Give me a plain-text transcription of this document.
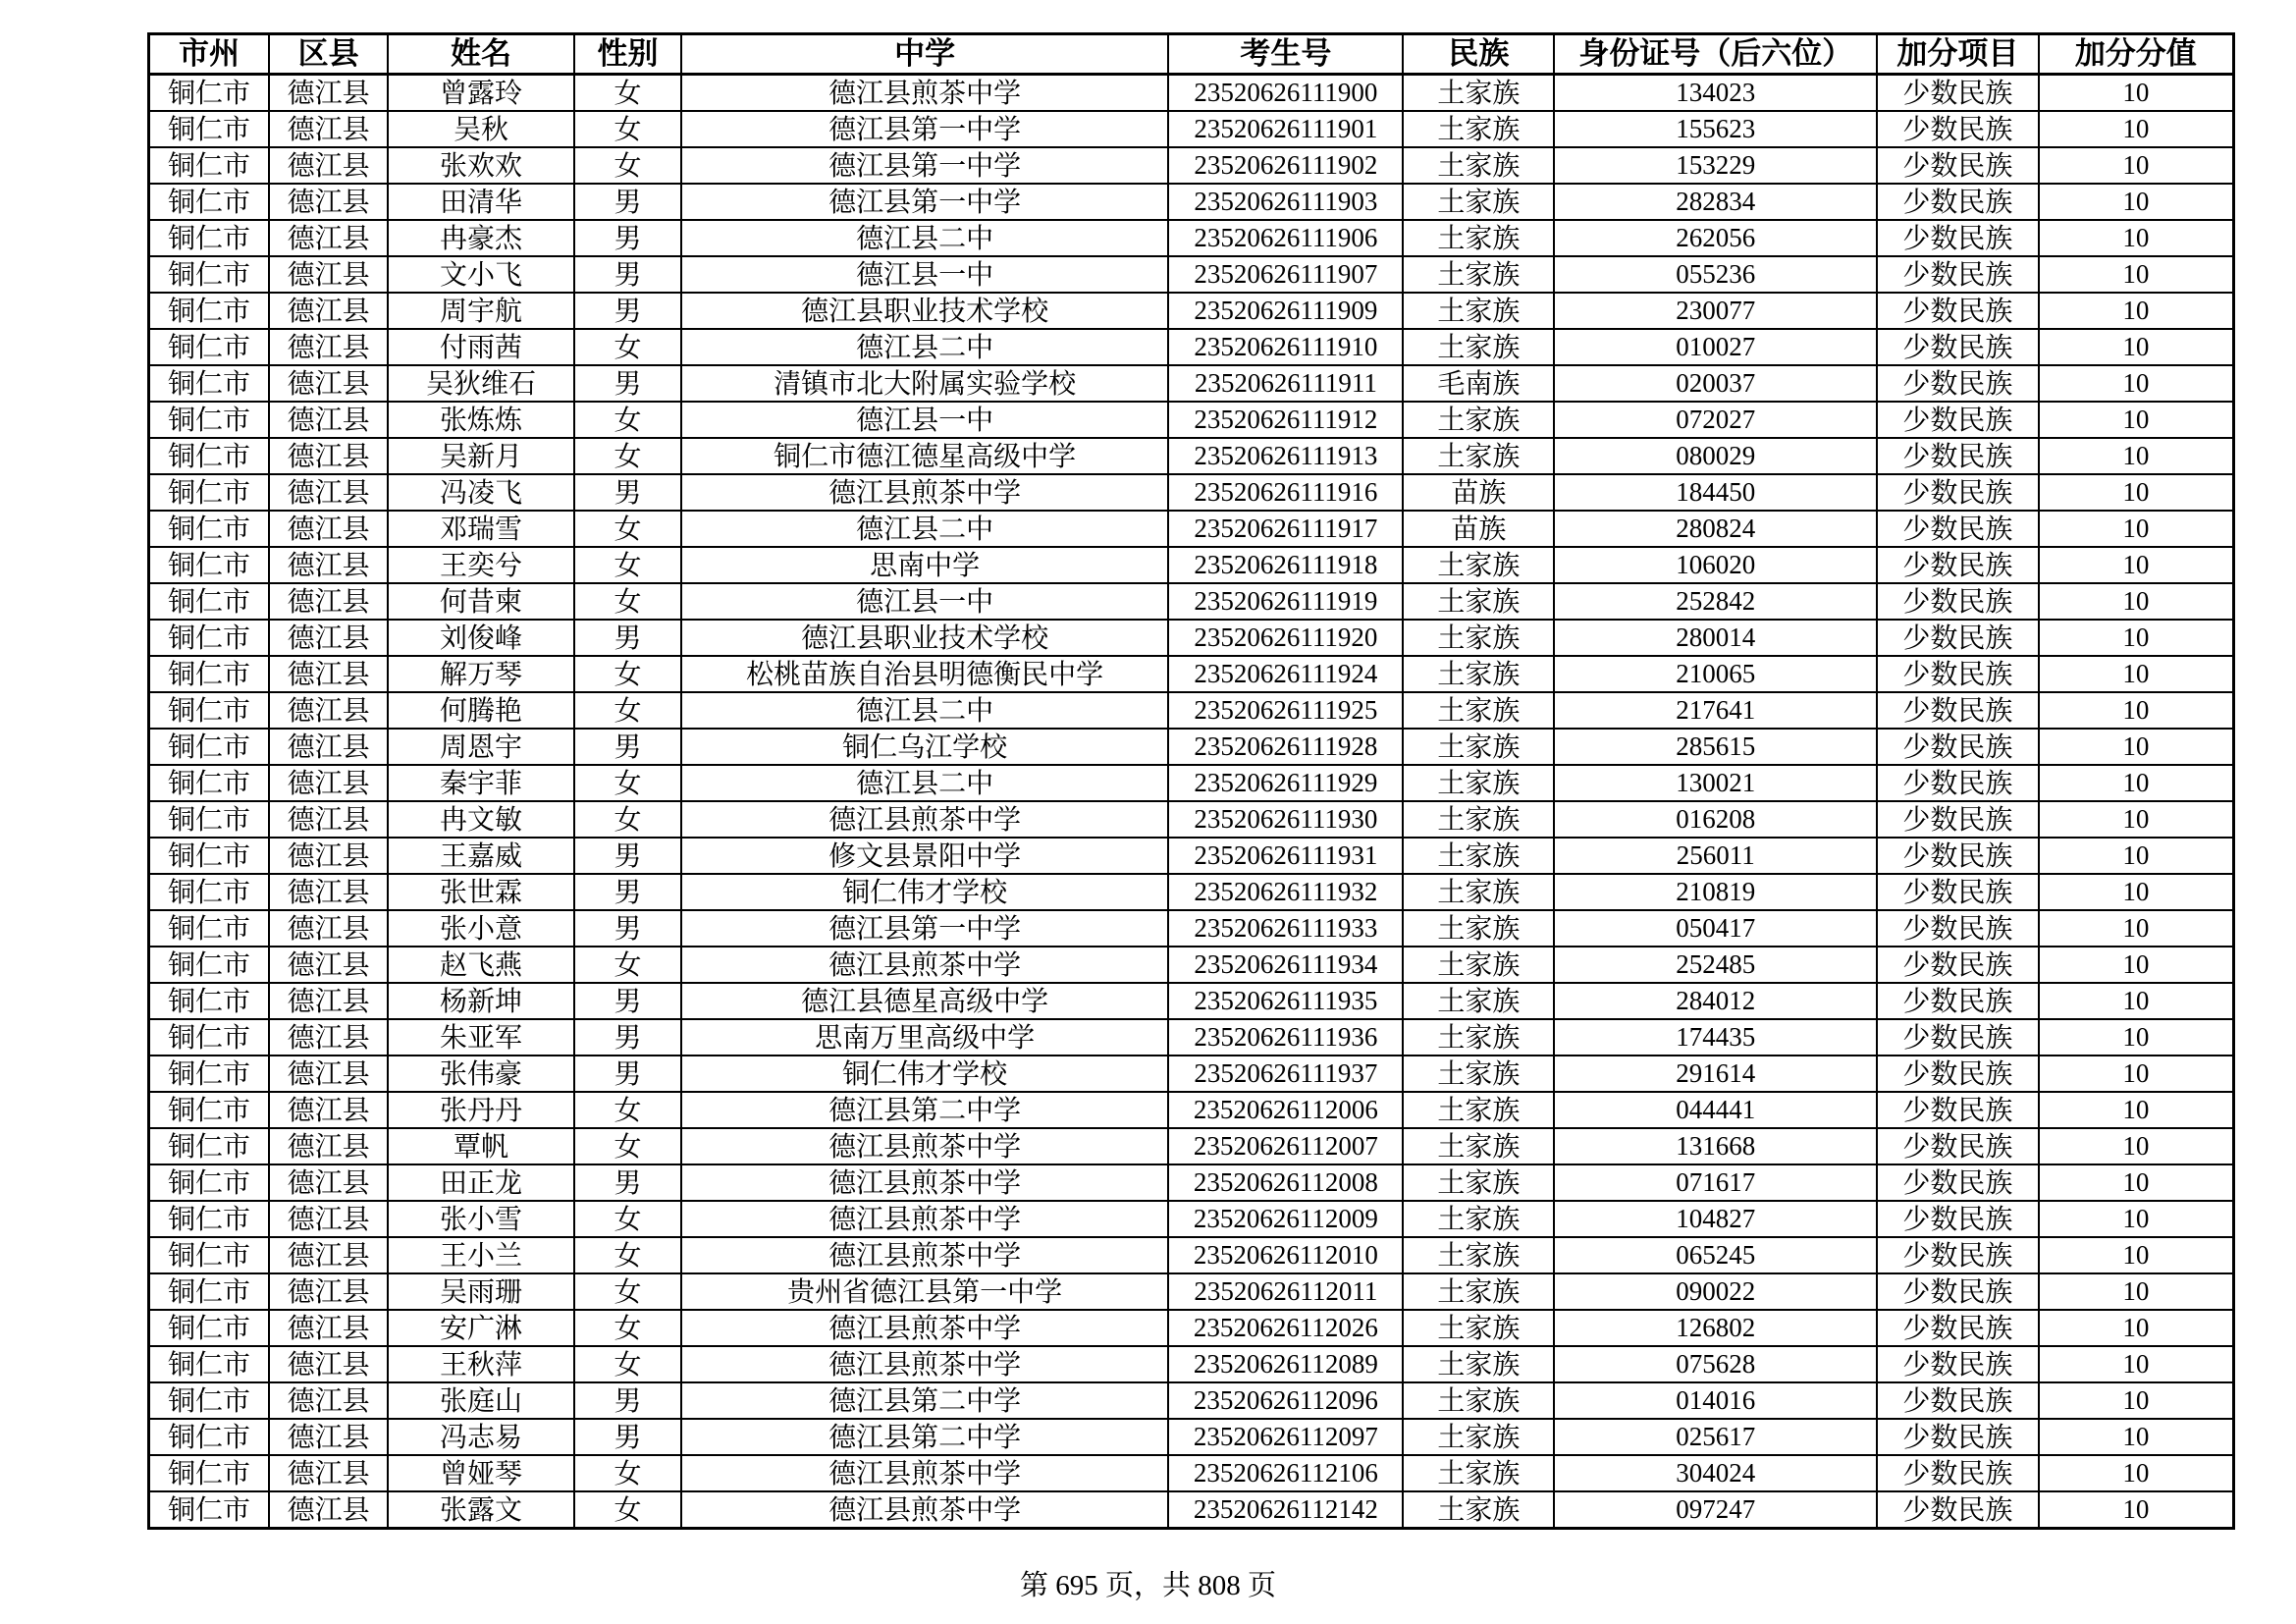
市州	区县	姓名	性别	中学	考生号	民族	身份证号（后六位）	加分项目	加分分值
铜仁市	德江县	曾露玲	女	德江县煎茶中学	23520626111900	土家族	134023	少数民族	10
铜仁市	德江县	吴秋	女	德江县第一中学	23520626111901	土家族	155623	少数民族	10
铜仁市	德江县	张欢欢	女	德江县第一中学	23520626111902	土家族	153229	少数民族	10
铜仁市	德江县	田清华	男	德江县第一中学	23520626111903	土家族	282834	少数民族	10
铜仁市	德江县	冉豪杰	男	德江县二中	23520626111906	土家族	262056	少数民族	10
铜仁市	德江县	文小飞	男	德江县一中	23520626111907	土家族	055236	少数民族	10
铜仁市	德江县	周宇航	男	德江县职业技术学校	23520626111909	土家族	230077	少数民族	10
铜仁市	德江县	付雨茜	女	德江县二中	23520626111910	土家族	010027	少数民族	10
铜仁市	德江县	吴狄维石	男	清镇市北大附属实验学校	23520626111911	毛南族	020037	少数民族	10
铜仁市	德江县	张炼炼	女	德江县一中	23520626111912	土家族	072027	少数民族	10
铜仁市	德江县	吴新月	女	铜仁市德江德星高级中学	23520626111913	土家族	080029	少数民族	10
铜仁市	德江县	冯凌飞	男	德江县煎茶中学	23520626111916	苗族	184450	少数民族	10
铜仁市	德江县	邓瑞雪	女	德江县二中	23520626111917	苗族	280824	少数民族	10
铜仁市	德江县	王奕兮	女	思南中学	23520626111918	土家族	106020	少数民族	10
铜仁市	德江县	何昔柬	女	德江县一中	23520626111919	土家族	252842	少数民族	10
铜仁市	德江县	刘俊峰	男	德江县职业技术学校	23520626111920	土家族	280014	少数民族	10
铜仁市	德江县	解万琴	女	松桃苗族自治县明德衡民中学	23520626111924	土家族	210065	少数民族	10
铜仁市	德江县	何腾艳	女	德江县二中	23520626111925	土家族	217641	少数民族	10
铜仁市	德江县	周恩宇	男	铜仁乌江学校	23520626111928	土家族	285615	少数民族	10
铜仁市	德江县	秦宇菲	女	德江县二中	23520626111929	土家族	130021	少数民族	10
铜仁市	德江县	冉文敏	女	德江县煎茶中学	23520626111930	土家族	016208	少数民族	10
铜仁市	德江县	王嘉威	男	修文县景阳中学	23520626111931	土家族	256011	少数民族	10
铜仁市	德江县	张世霖	男	铜仁伟才学校	23520626111932	土家族	210819	少数民族	10
铜仁市	德江县	张小意	男	德江县第一中学	23520626111933	土家族	050417	少数民族	10
铜仁市	德江县	赵飞燕	女	德江县煎茶中学	23520626111934	土家族	252485	少数民族	10
铜仁市	德江县	杨新坤	男	德江县德星高级中学	23520626111935	土家族	284012	少数民族	10
铜仁市	德江县	朱亚军	男	思南万里高级中学	23520626111936	土家族	174435	少数民族	10
铜仁市	德江县	张伟豪	男	铜仁伟才学校	23520626111937	土家族	291614	少数民族	10
铜仁市	德江县	张丹丹	女	德江县第二中学	23520626112006	土家族	044441	少数民族	10
铜仁市	德江县	覃帆	女	德江县煎茶中学	23520626112007	土家族	131668	少数民族	10
铜仁市	德江县	田正龙	男	德江县煎茶中学	23520626112008	土家族	071617	少数民族	10
铜仁市	德江县	张小雪	女	德江县煎茶中学	23520626112009	土家族	104827	少数民族	10
铜仁市	德江县	王小兰	女	德江县煎茶中学	23520626112010	土家族	065245	少数民族	10
铜仁市	德江县	吴雨珊	女	贵州省德江县第一中学	23520626112011	土家族	090022	少数民族	10
铜仁市	德江县	安广淋	女	德江县煎茶中学	23520626112026	土家族	126802	少数民族	10
铜仁市	德江县	王秋萍	女	德江县煎茶中学	23520626112089	土家族	075628	少数民族	10
铜仁市	德江县	张庭山	男	德江县第二中学	23520626112096	土家族	014016	少数民族	10
铜仁市	德江县	冯志易	男	德江县第二中学	23520626112097	土家族	025617	少数民族	10
铜仁市	德江县	曾娅琴	女	德江县煎茶中学	23520626112106	土家族	304024	少数民族	10
铜仁市	德江县	张露文	女	德江县煎茶中学	23520626112142	土家族	097247	少数民族	10
第 695 页，共 808 页
